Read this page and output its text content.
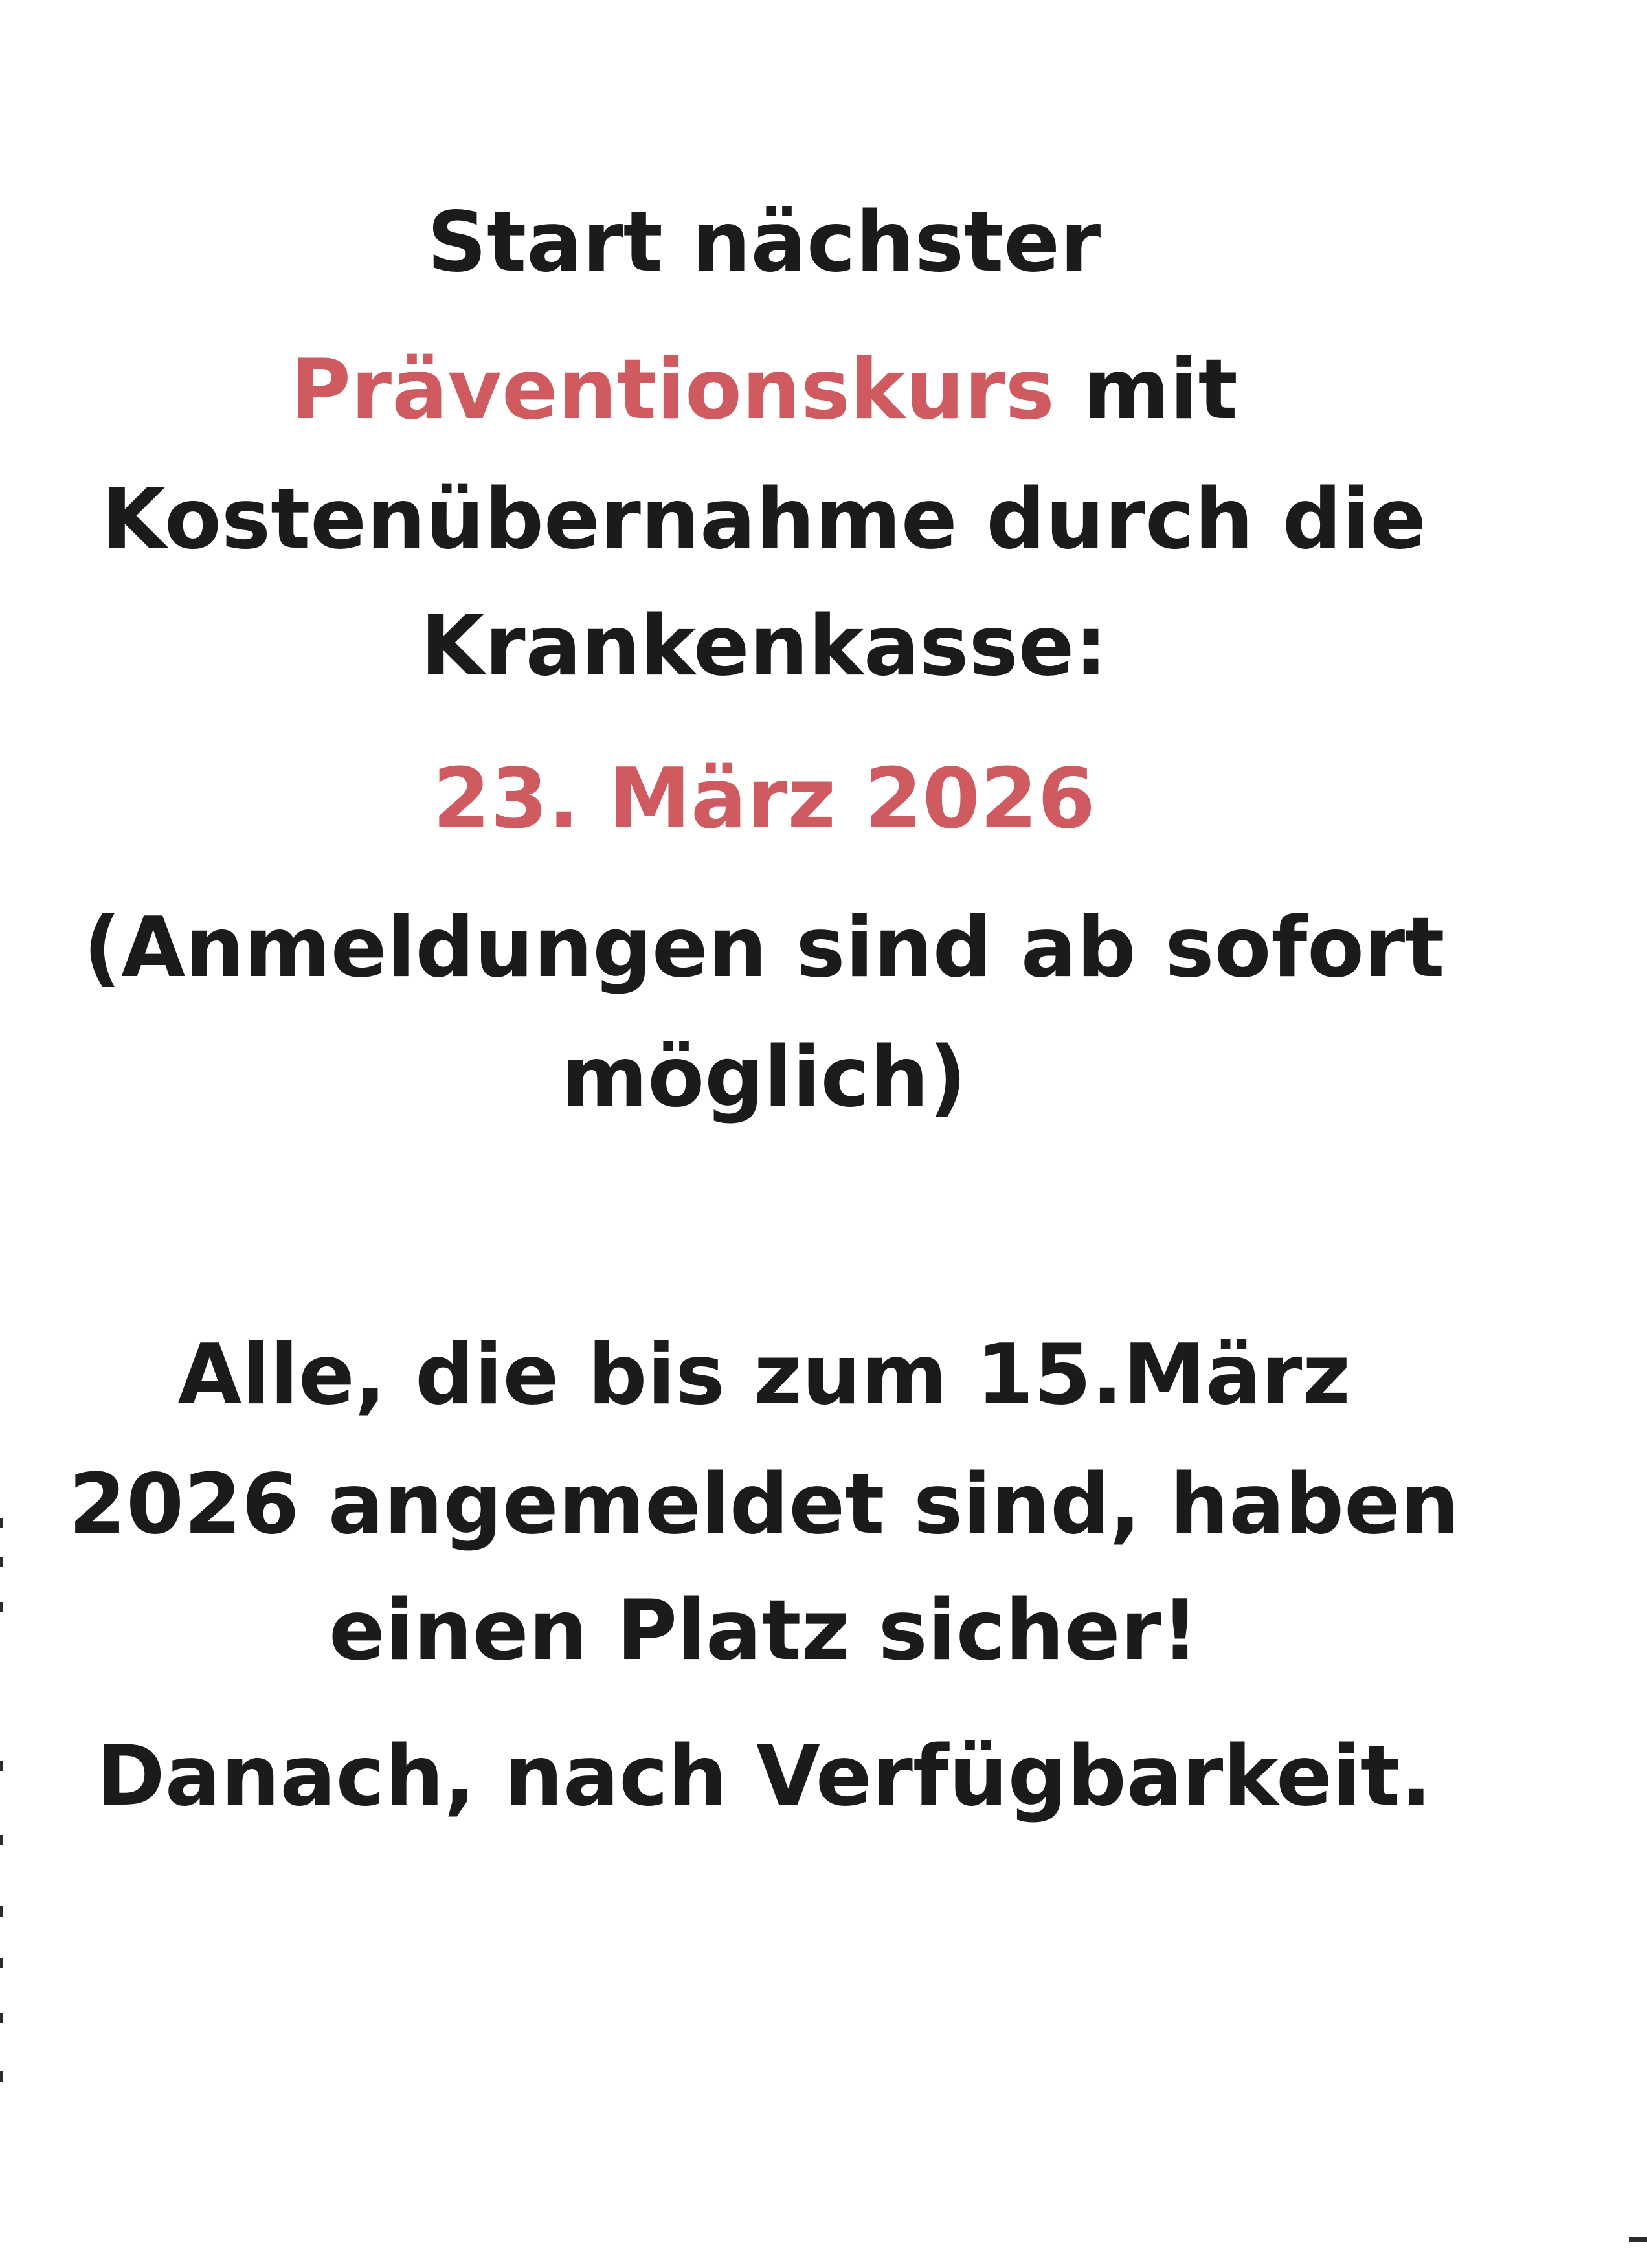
Start nächster
Präventionskurs mit
Kostenübernahme durch die
Krankenkasse:
23. März 2026
(Anmeldungen sind ab sofort
möglich)
Alle, die bis zum 15.März
2026 angemeldet sind, haben
einen Platz sicher!
Danach, nach Verfügbarkeit.
